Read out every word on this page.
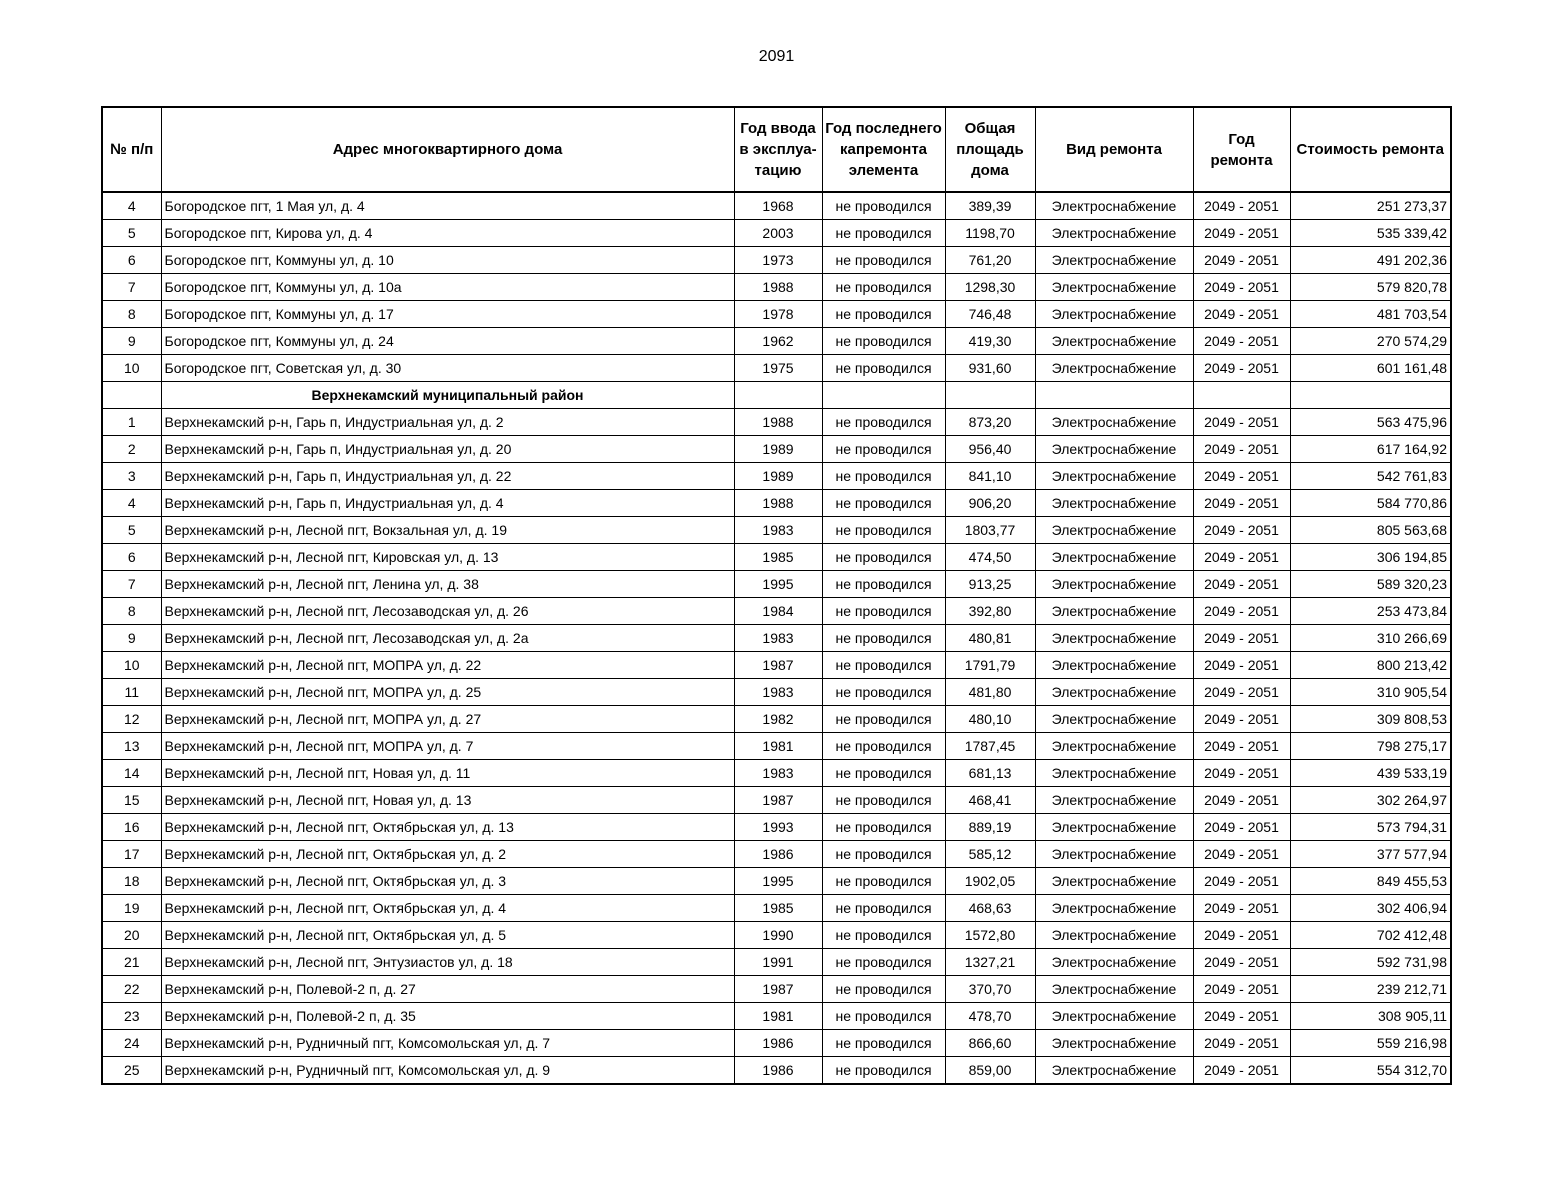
2091
№ п/п	Адрес многоквартирного дома	Год ввода в эксплуа-тацию	Год последнего капремонта элемента	Общая площадь дома	Вид ремонта	Год ремонта	Стоимость ремонта
4	Богородское пгт, 1 Мая ул, д. 4	1968	не проводился	389,39	Электроснабжение	2049 - 2051	251 273,37
5	Богородское пгт, Кирова ул, д. 4	2003	не проводился	1198,70	Электроснабжение	2049 - 2051	535 339,42
6	Богородское пгт, Коммуны ул, д. 10	1973	не проводился	761,20	Электроснабжение	2049 - 2051	491 202,36
7	Богородское пгт, Коммуны ул, д. 10а	1988	не проводился	1298,30	Электроснабжение	2049 - 2051	579 820,78
8	Богородское пгт, Коммуны ул, д. 17	1978	не проводился	746,48	Электроснабжение	2049 - 2051	481 703,54
9	Богородское пгт, Коммуны ул, д. 24	1962	не проводился	419,30	Электроснабжение	2049 - 2051	270 574,29
10	Богородское пгт, Советская ул, д. 30	1975	не проводился	931,60	Электроснабжение	2049 - 2051	601 161,48
	Верхнекамский муниципальный район						
1	Верхнекамский р-н, Гарь п, Индустриальная ул, д. 2	1988	не проводился	873,20	Электроснабжение	2049 - 2051	563 475,96
2	Верхнекамский р-н, Гарь п, Индустриальная ул, д. 20	1989	не проводился	956,40	Электроснабжение	2049 - 2051	617 164,92
3	Верхнекамский р-н, Гарь п, Индустриальная ул, д. 22	1989	не проводился	841,10	Электроснабжение	2049 - 2051	542 761,83
4	Верхнекамский р-н, Гарь п, Индустриальная ул, д. 4	1988	не проводился	906,20	Электроснабжение	2049 - 2051	584 770,86
5	Верхнекамский р-н, Лесной пгт, Вокзальная ул, д. 19	1983	не проводился	1803,77	Электроснабжение	2049 - 2051	805 563,68
6	Верхнекамский р-н, Лесной пгт, Кировская ул, д. 13	1985	не проводился	474,50	Электроснабжение	2049 - 2051	306 194,85
7	Верхнекамский р-н, Лесной пгт, Ленина ул, д. 38	1995	не проводился	913,25	Электроснабжение	2049 - 2051	589 320,23
8	Верхнекамский р-н, Лесной пгт, Лесозаводская ул, д. 26	1984	не проводился	392,80	Электроснабжение	2049 - 2051	253 473,84
9	Верхнекамский р-н, Лесной пгт, Лесозаводская ул, д. 2а	1983	не проводился	480,81	Электроснабжение	2049 - 2051	310 266,69
10	Верхнекамский р-н, Лесной пгт, МОПРА ул, д. 22	1987	не проводился	1791,79	Электроснабжение	2049 - 2051	800 213,42
11	Верхнекамский р-н, Лесной пгт, МОПРА ул, д. 25	1983	не проводился	481,80	Электроснабжение	2049 - 2051	310 905,54
12	Верхнекамский р-н, Лесной пгт, МОПРА ул, д. 27	1982	не проводился	480,10	Электроснабжение	2049 - 2051	309 808,53
13	Верхнекамский р-н, Лесной пгт, МОПРА ул, д. 7	1981	не проводился	1787,45	Электроснабжение	2049 - 2051	798 275,17
14	Верхнекамский р-н, Лесной пгт, Новая ул, д. 11	1983	не проводился	681,13	Электроснабжение	2049 - 2051	439 533,19
15	Верхнекамский р-н, Лесной пгт, Новая ул, д. 13	1987	не проводился	468,41	Электроснабжение	2049 - 2051	302 264,97
16	Верхнекамский р-н, Лесной пгт, Октябрьская ул, д. 13	1993	не проводился	889,19	Электроснабжение	2049 - 2051	573 794,31
17	Верхнекамский р-н, Лесной пгт, Октябрьская ул, д. 2	1986	не проводился	585,12	Электроснабжение	2049 - 2051	377 577,94
18	Верхнекамский р-н, Лесной пгт, Октябрьская ул, д. 3	1995	не проводился	1902,05	Электроснабжение	2049 - 2051	849 455,53
19	Верхнекамский р-н, Лесной пгт, Октябрьская ул, д. 4	1985	не проводился	468,63	Электроснабжение	2049 - 2051	302 406,94
20	Верхнекамский р-н, Лесной пгт, Октябрьская ул, д. 5	1990	не проводился	1572,80	Электроснабжение	2049 - 2051	702 412,48
21	Верхнекамский р-н, Лесной пгт, Энтузиастов ул, д. 18	1991	не проводился	1327,21	Электроснабжение	2049 - 2051	592 731,98
22	Верхнекамский р-н, Полевой-2 п, д. 27	1987	не проводился	370,70	Электроснабжение	2049 - 2051	239 212,71
23	Верхнекамский р-н, Полевой-2 п, д. 35	1981	не проводился	478,70	Электроснабжение	2049 - 2051	308 905,11
24	Верхнекамский р-н, Рудничный пгт, Комсомольская ул, д. 7	1986	не проводился	866,60	Электроснабжение	2049 - 2051	559 216,98
25	Верхнекамский р-н, Рудничный пгт, Комсомольская ул, д. 9	1986	не проводился	859,00	Электроснабжение	2049 - 2051	554 312,70
